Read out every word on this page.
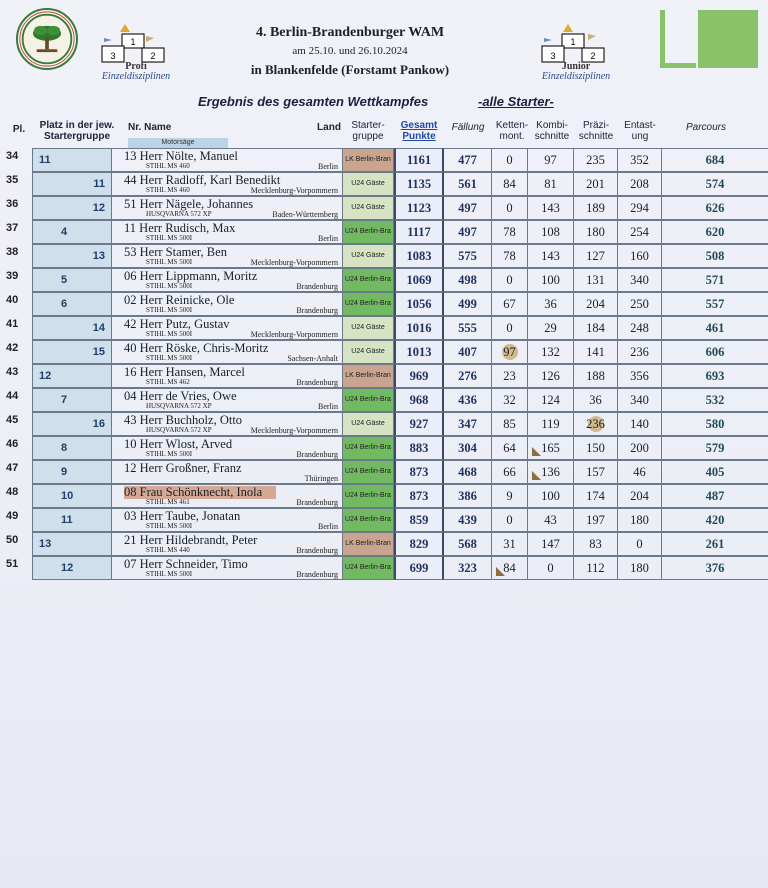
1
2
3
Profi
Einzeldisziplinen
1
2
3
Junior
Einzeldisziplinen
4. Berlin-Brandenburger WAM
am 25.10. und 26.10.2024
in Blankenfelde (Forstamt Pankow)
Ergebnis des gesamten Wettkampfes	-alle Starter-
Pl.	Platz in der jew. Startergruppe
Nr. Name
Motorsäge
Land	Starter-gruppe
Gesamt Punkte
Fällung	Ketten-mont.
Kombi-schnitte
Präzi-schnitte
Entast-ung
Parcours
34	11	13 Herr Nölte, Manuel
STIHL MS 460	Berlin
LK Berlin-Bran	1161	477	0	97	235	352	684
35	11	44 Herr Radloff, Karl Benedikt
STIHL MS 460	Mecklenburg-Vorpommern
U24 Gäste	1135	561	84	81	201	208	574
36	12	51 Herr Nägele, Johannes
HUSQVARNA 572 XP	Baden-Württemberg
U24 Gäste	1123	497	0	143	189	294	626
37	4	11 Herr Rudisch, Max
STIHL MS 500I	Berlin
U24 Berlin-Bra	1117	497	78	108	180	254	620
38	13	53 Herr Stamer, Ben
STIHL MS 500I	Mecklenburg-Vorpommern
U24 Gäste	1083	575	78	143	127	160	508
39	5	06 Herr Lippmann, Moritz
STIHL MS 500I	Brandenburg
U24 Berlin-Bra	1069	498	0	100	131	340	571
40	6	02 Herr Reinicke, Ole
STIHL MS 500I	Brandenburg
U24 Berlin-Bra	1056	499	67	36	204	250	557
41	14	42 Herr Putz, Gustav
STIHL MS 500I	Mecklenburg-Vorpommern
U24 Gäste	1016	555	0	29	184	248	461
42	15	40 Herr Röske, Chris-Moritz
STIHL MS 500I	Sachsen-Anhalt
U24 Gäste	1013	407	97	132	141	236	606
43	12	16 Herr Hansen, Marcel
STIHL MS 462	Brandenburg
LK Berlin-Bran	969	276	23	126	188	356	693
44	7	04 Herr de Vries, Owe
HUSQVARNA 572 XP	Berlin
U24 Berlin-Bra	968	436	32	124	36	340	532
45	16	43 Herr Buchholz, Otto
HUSQVARNA 572 XP	Mecklenburg-Vorpommern
U24 Gäste	927	347	85	119	236	140	580
46	8	10 Herr Wlost, Arved
STIHL MS 500I	Brandenburg
U24 Berlin-Bra	883	304	64	165	150	200	579
47	9	12 Herr Großner, Franz
Thüringen
U24 Berlin-Bra	873	468	66	136	157	46	405
48	10	08 Frau Schönknecht, Inola
STIHL MS 461	Brandenburg
U24 Berlin-Bra	873	386	9	100	174	204	487
49	11	03 Herr Taube, Jonatan
STIHL MS 500I	Berlin
U24 Berlin-Bra	859	439	0	43	197	180	420
50	13	21 Herr Hildebrandt, Peter
STIHL MS 440	Brandenburg
LK Berlin-Bran	829	568	31	147	83	0	261
51	12	07 Herr Schneider, Timo
STIHL MS 500I	Brandenburg
U24 Berlin-Bra	699	323	84	0	112	180	376
